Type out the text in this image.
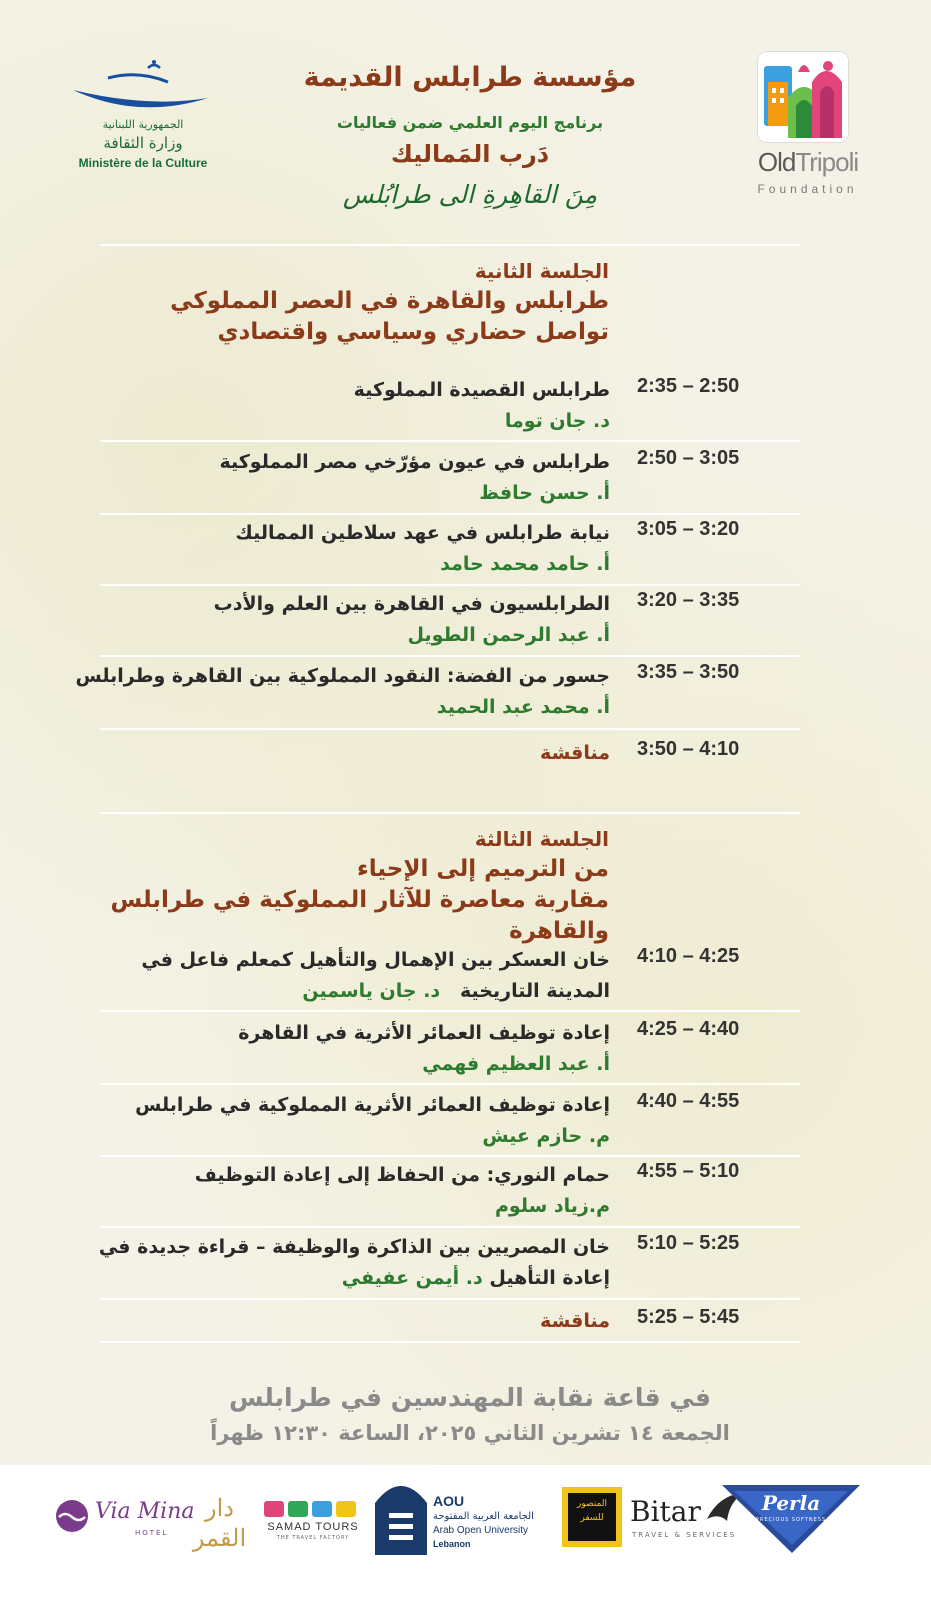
الجمهورية اللبنانية
وزارة الثقافة
Ministère de la Culture
مؤسسة طرابلس القديمة
برنامج اليوم العلمي ضمن فعاليات
دَرب المَماليك
مِنَ القاهِرةِ الى طرابُلس
OldTripoli
Foundation
الجلسة الثانية
طرابلس والقاهرة في العصر المملوكي
تواصل حضاري وسياسي واقتصادي
2:35 – 2:50
طرابلس القصيدة المملوكية
د. جان توما
2:50 – 3:05
طرابلس في عيون مؤرّخي مصر المملوكية
أ. حسن حافظ
3:05 – 3:20
نيابة طرابلس في عهد سلاطين المماليك
أ. حامد محمد حامد
3:20 – 3:35
الطرابلسيون في القاهرة بين العلم والأدب
أ. عبد الرحمن الطويل
3:35 – 3:50
جسور من الفضة: النقود المملوكية بين القاهرة وطرابلس
أ. محمد عبد الحميد
3:50 – 4:10
مناقشة
الجلسة الثالثة
من الترميم إلى الإحياء
مقاربة معاصرة للآثار المملوكية في طرابلس والقاهرة
4:10 – 4:25
خان العسكر بين الإهمال والتأهيل كمعلم فاعل في
المدينة التاريخية   د. جان ياسمين
4:25 – 4:40
إعادة توظيف العمائر الأثرية في القاهرة
أ. عبد العظيم فهمي
4:40 – 4:55
إعادة توظيف العمائر الأثرية المملوكية في طرابلس
م. حازم عيش
4:55 – 5:10
حمام النوري: من الحفاظ إلى إعادة التوظيف
م.زياد سلوم
5:10 – 5:25
خان المصريين بين الذاكرة والوظيفة – قراءة جديدة في
إعادة التأهيل د. أيمن عفيفي
5:25 – 5:45
مناقشة
في قاعة نقابة المهندسين في طرابلس
الجمعة ١٤ تشرين الثاني ٢٠٢٥، الساعة ١٢:٣٠ ظهراً
Via Mina
HOTEL
دار القمر	SAMAD TOURS
THE TRAVEL FACTORY
AOU
الجامعة العربية المفتوحة
Arab Open University
Lebanon
المنصور للسفر Bitar
TRAVEL & SERVICES
Perla
PRECIOUS SOFTNESS
